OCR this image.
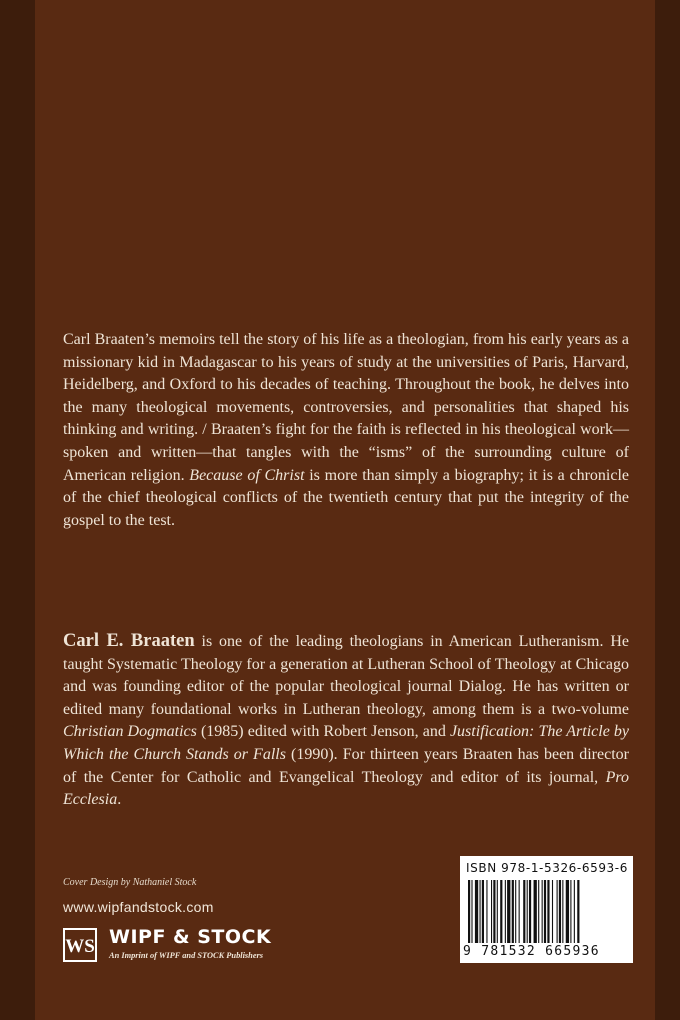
Carl Braaten’s memoirs tell the story of his life as a theologian, from his early years as a missionary kid in Madagascar to his years of study at the universities of Paris, Harvard, Heidelberg, and Oxford to his decades of teaching. Throughout the book, he delves into the many theological movements, controversies, and personalities that shaped his thinking and writing. / Braaten’s fight for the faith is reflected in his theological work—spoken and written—that tangles with the “isms” of the surrounding culture of American religion. Because of Christ is more than simply a biography; it is a chronicle of the chief theological conflicts of the twentieth century that put the integrity of the gospel to the test.

Carl E. Braaten is one of the leading theologians in American Lutheranism. He taught Systematic Theology for a generation at Lutheran School of Theology at Chicago and was founding editor of the popular theological journal Dialog. He has written or edited many foundational works in Lutheran theology, among them is a two-volume Christian Dogmatics (1985) edited with Robert Jenson, and Justification: The Article by Which the Church Stands or Falls (1990). For thirteen years Braaten has been director of the Center for Catholic and Evangelical Theology and editor of its journal, Pro Ecclesia.

Cover Design by Nathaniel Stock
www.wipfandstock.com
WS WIPF & STOCK
An Imprint of WIPF and STOCK Publishers
ISBN 978-1-5326-6593-6
9 781532 665936
